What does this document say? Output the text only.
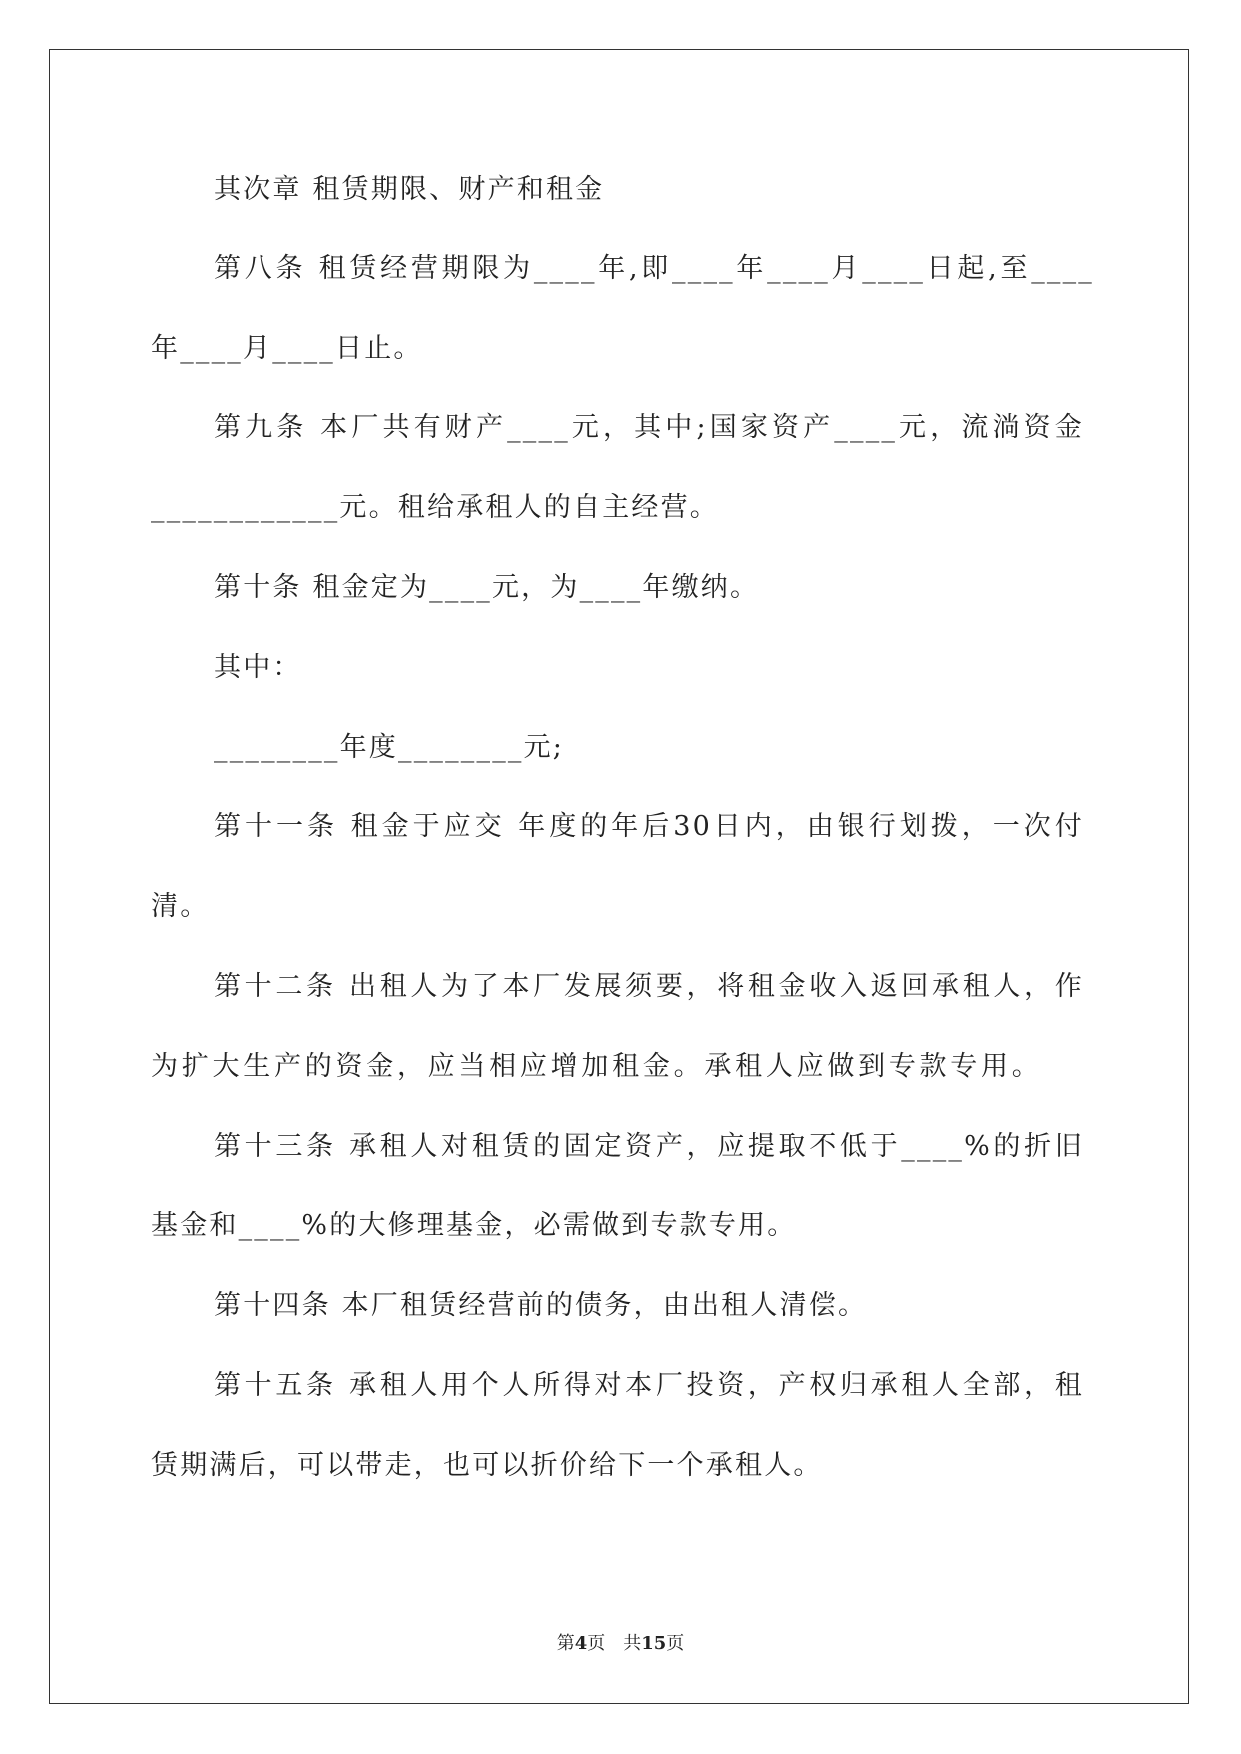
其次章 租赁期限、财产和租金

第八条 租赁经营期限为____年,即____年____月____日起,至____

年____月____日止。

第九条 本厂共有财产____元，其中;国家资产____元，流淌资金

____________元。租给承租人的自主经营。

第十条 租金定为____元，为____年缴纳。

其中：

________年度________元;

第十一条 租金于应交 年度的年后30日内，由银行划拨，一次付

清。

第十二条 出租人为了本厂发展须要，将租金收入返回承租人，作

为扩大生产的资金，应当相应增加租金。承租人应做到专款专用。

第十三条 承租人对租赁的固定资产，应提取不低于____%的折旧

基金和____%的大修理基金，必需做到专款专用。

第十四条 本厂租赁经营前的债务，由出租人清偿。

第十五条 承租人用个人所得对本厂投资，产权归承租人全部，租

赁期满后，可以带走，也可以折价给下一个承租人。

第4页　共15页
